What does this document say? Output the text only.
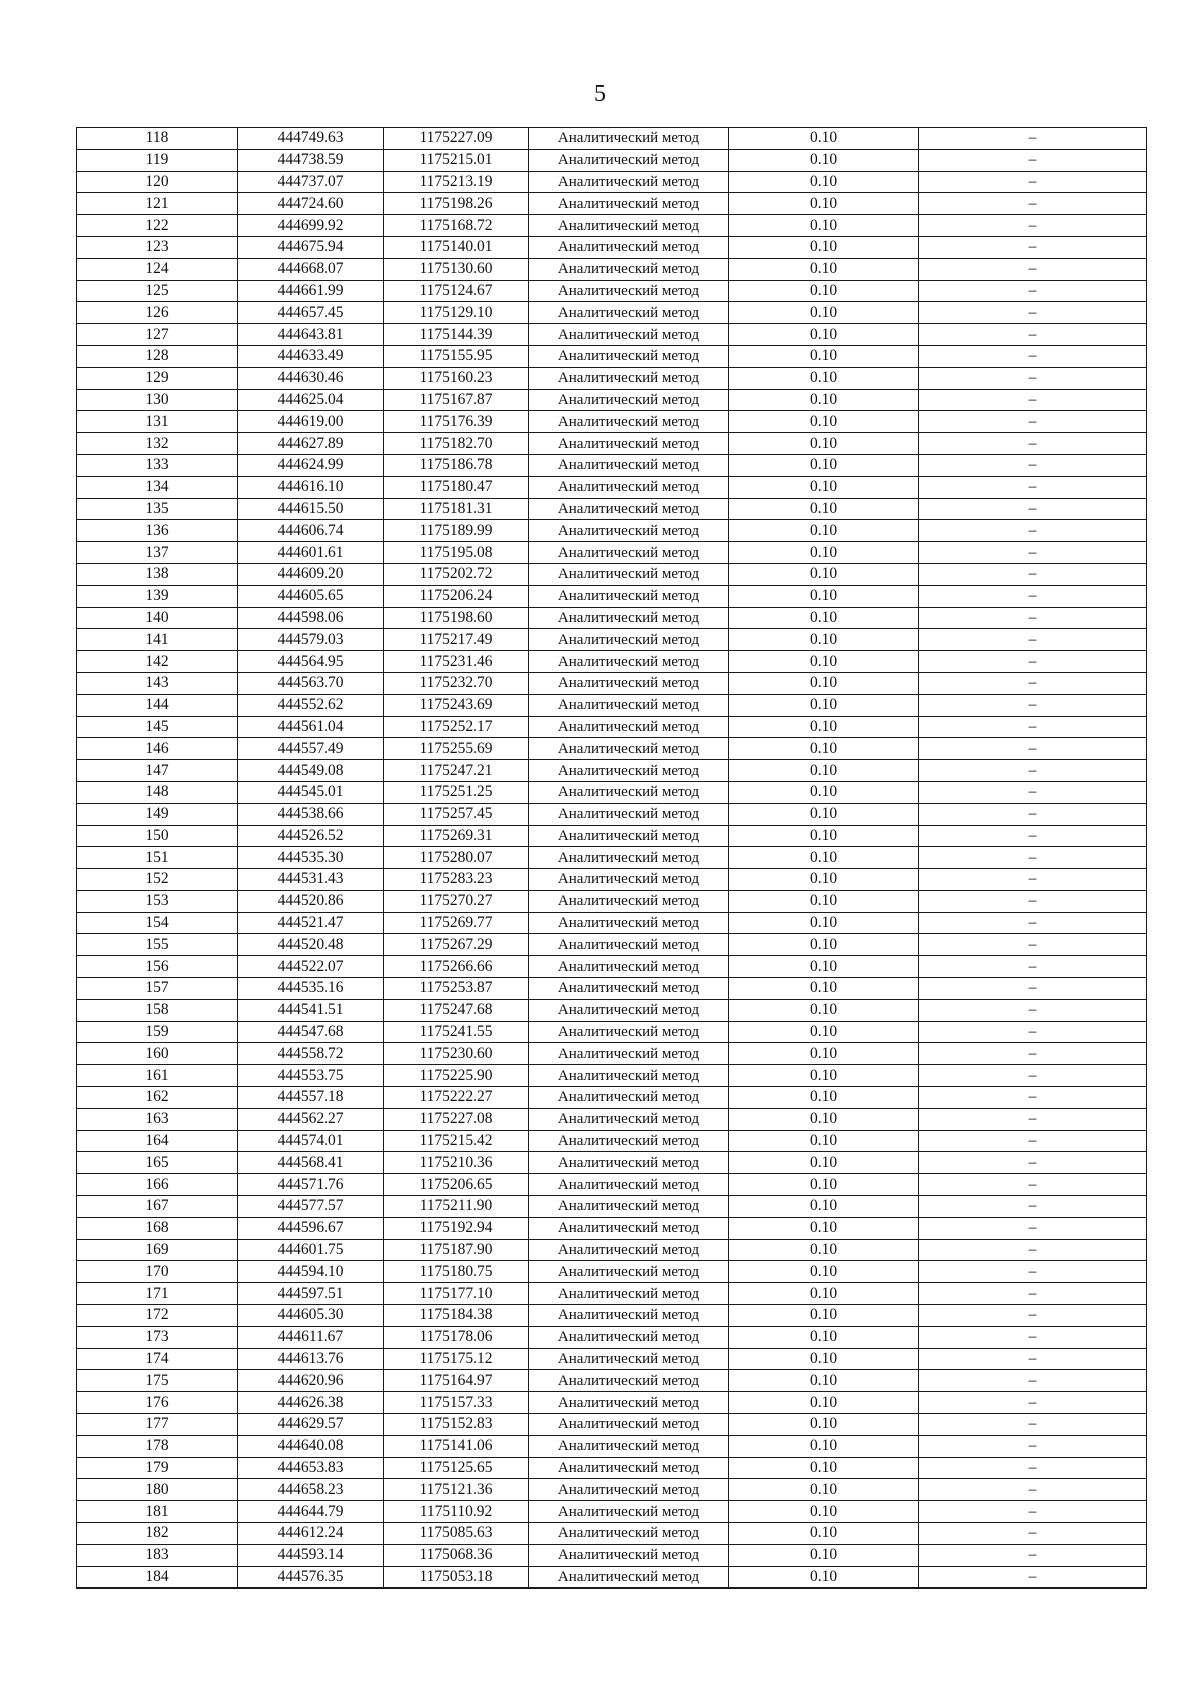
5
118	444749.63	1175227.09	Аналитический метод	0.10	–
119	444738.59	1175215.01	Аналитический метод	0.10	–
120	444737.07	1175213.19	Аналитический метод	0.10	–
121	444724.60	1175198.26	Аналитический метод	0.10	–
122	444699.92	1175168.72	Аналитический метод	0.10	–
123	444675.94	1175140.01	Аналитический метод	0.10	–
124	444668.07	1175130.60	Аналитический метод	0.10	–
125	444661.99	1175124.67	Аналитический метод	0.10	–
126	444657.45	1175129.10	Аналитический метод	0.10	–
127	444643.81	1175144.39	Аналитический метод	0.10	–
128	444633.49	1175155.95	Аналитический метод	0.10	–
129	444630.46	1175160.23	Аналитический метод	0.10	–
130	444625.04	1175167.87	Аналитический метод	0.10	–
131	444619.00	1175176.39	Аналитический метод	0.10	–
132	444627.89	1175182.70	Аналитический метод	0.10	–
133	444624.99	1175186.78	Аналитический метод	0.10	–
134	444616.10	1175180.47	Аналитический метод	0.10	–
135	444615.50	1175181.31	Аналитический метод	0.10	–
136	444606.74	1175189.99	Аналитический метод	0.10	–
137	444601.61	1175195.08	Аналитический метод	0.10	–
138	444609.20	1175202.72	Аналитический метод	0.10	–
139	444605.65	1175206.24	Аналитический метод	0.10	–
140	444598.06	1175198.60	Аналитический метод	0.10	–
141	444579.03	1175217.49	Аналитический метод	0.10	–
142	444564.95	1175231.46	Аналитический метод	0.10	–
143	444563.70	1175232.70	Аналитический метод	0.10	–
144	444552.62	1175243.69	Аналитический метод	0.10	–
145	444561.04	1175252.17	Аналитический метод	0.10	–
146	444557.49	1175255.69	Аналитический метод	0.10	–
147	444549.08	1175247.21	Аналитический метод	0.10	–
148	444545.01	1175251.25	Аналитический метод	0.10	–
149	444538.66	1175257.45	Аналитический метод	0.10	–
150	444526.52	1175269.31	Аналитический метод	0.10	–
151	444535.30	1175280.07	Аналитический метод	0.10	–
152	444531.43	1175283.23	Аналитический метод	0.10	–
153	444520.86	1175270.27	Аналитический метод	0.10	–
154	444521.47	1175269.77	Аналитический метод	0.10	–
155	444520.48	1175267.29	Аналитический метод	0.10	–
156	444522.07	1175266.66	Аналитический метод	0.10	–
157	444535.16	1175253.87	Аналитический метод	0.10	–
158	444541.51	1175247.68	Аналитический метод	0.10	–
159	444547.68	1175241.55	Аналитический метод	0.10	–
160	444558.72	1175230.60	Аналитический метод	0.10	–
161	444553.75	1175225.90	Аналитический метод	0.10	–
162	444557.18	1175222.27	Аналитический метод	0.10	–
163	444562.27	1175227.08	Аналитический метод	0.10	–
164	444574.01	1175215.42	Аналитический метод	0.10	–
165	444568.41	1175210.36	Аналитический метод	0.10	–
166	444571.76	1175206.65	Аналитический метод	0.10	–
167	444577.57	1175211.90	Аналитический метод	0.10	–
168	444596.67	1175192.94	Аналитический метод	0.10	–
169	444601.75	1175187.90	Аналитический метод	0.10	–
170	444594.10	1175180.75	Аналитический метод	0.10	–
171	444597.51	1175177.10	Аналитический метод	0.10	–
172	444605.30	1175184.38	Аналитический метод	0.10	–
173	444611.67	1175178.06	Аналитический метод	0.10	–
174	444613.76	1175175.12	Аналитический метод	0.10	–
175	444620.96	1175164.97	Аналитический метод	0.10	–
176	444626.38	1175157.33	Аналитический метод	0.10	–
177	444629.57	1175152.83	Аналитический метод	0.10	–
178	444640.08	1175141.06	Аналитический метод	0.10	–
179	444653.83	1175125.65	Аналитический метод	0.10	–
180	444658.23	1175121.36	Аналитический метод	0.10	–
181	444644.79	1175110.92	Аналитический метод	0.10	–
182	444612.24	1175085.63	Аналитический метод	0.10	–
183	444593.14	1175068.36	Аналитический метод	0.10	–
184	444576.35	1175053.18	Аналитический метод	0.10	–
